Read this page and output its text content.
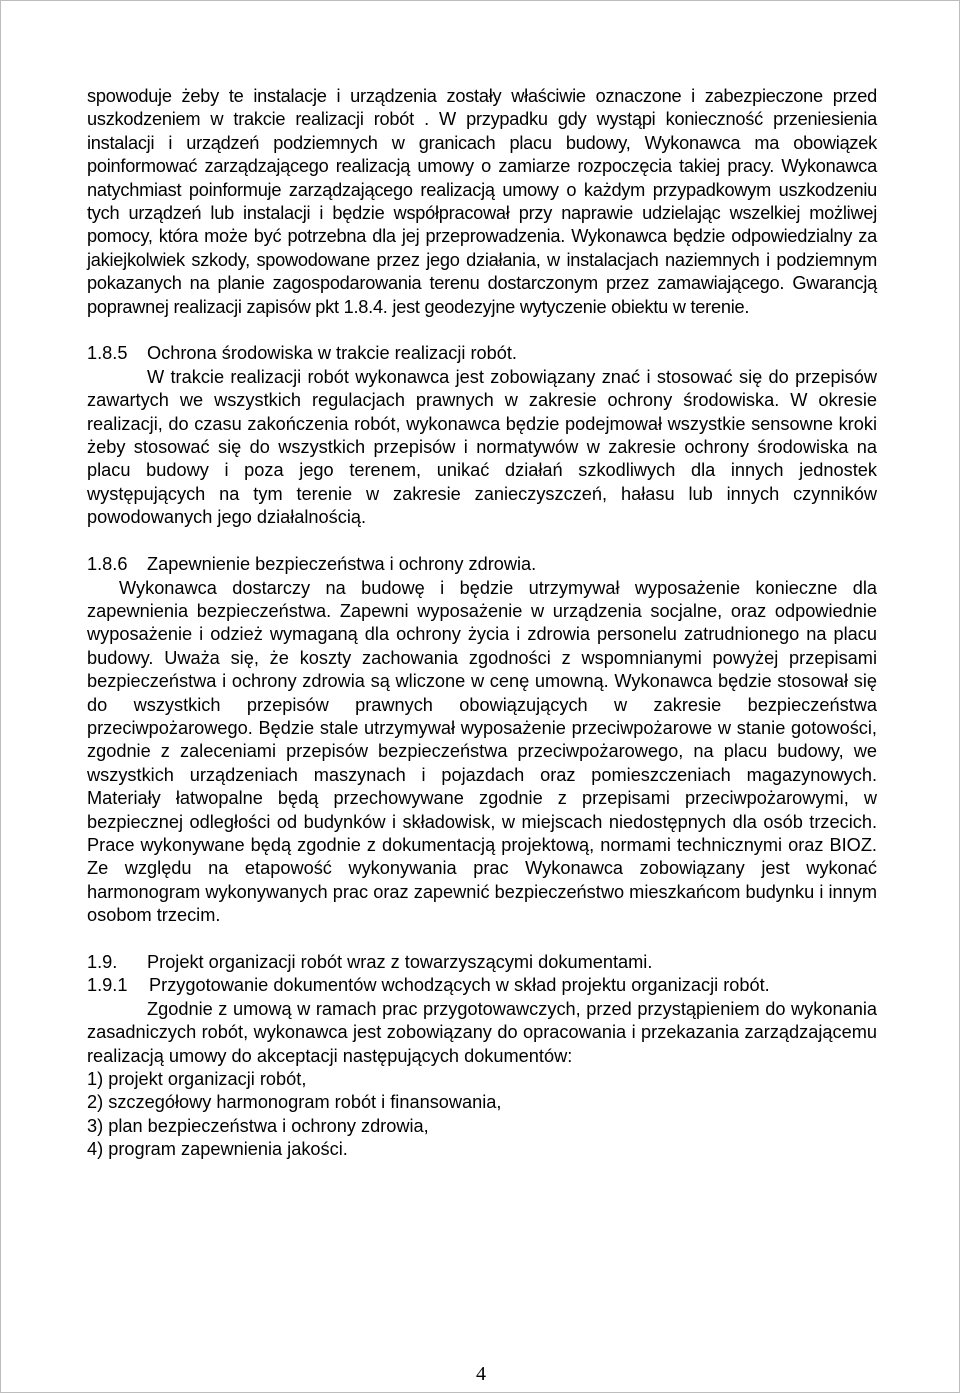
spowoduje żeby te instalacje i urządzenia zostały właściwie oznaczone i zabezpieczone przed uszkodzeniem w trakcie realizacji robót . W przypadku gdy wystąpi konieczność przeniesienia instalacji i urządzeń podziemnych w granicach placu budowy, Wykonawca ma obowiązek poinformować zarządzającego realizacją umowy o zamiarze rozpoczęcia takiej pracy. Wykonawca natychmiast poinformuje zarządzającego realizacją umowy o każdym przypadkowym uszkodzeniu tych urządzeń lub instalacji i będzie współpracował przy naprawie udzielając wszelkiej możliwej pomocy, która może być potrzebna dla jej przeprowadzenia. Wykonawca będzie odpowiedzialny za jakiejkolwiek szkody, spowodowane przez jego działania, w instalacjach naziemnych i podziemnym pokazanych na planie zagospodarowania terenu dostarczonym przez zamawiającego. Gwarancją poprawnej realizacji zapisów pkt 1.8.4. jest geodezyjne wytyczenie obiektu w terenie.

1.8.5 Ochrona środowiska w trakcie realizacji robót.

W trakcie realizacji robót wykonawca jest zobowiązany znać i stosować się do przepisów zawartych we wszystkich regulacjach prawnych w zakresie ochrony środowiska. W okresie realizacji, do czasu zakończenia robót, wykonawca będzie podejmował wszystkie sensowne kroki żeby stosować się do wszystkich przepisów i normatywów w zakresie ochrony środowiska na placu budowy i poza jego terenem, unikać działań szkodliwych dla innych jednostek występujących na tym terenie w zakresie zanieczyszczeń, hałasu lub innych czynników powodowanych jego działalnością.

1.8.6 Zapewnienie bezpieczeństwa i ochrony zdrowia.

Wykonawca dostarczy na budowę i będzie utrzymywał wyposażenie konieczne dla zapewnienia bezpieczeństwa. Zapewni wyposażenie w urządzenia socjalne, oraz odpowiednie wyposażenie i odzież wymaganą dla ochrony życia i zdrowia personelu zatrudnionego na placu budowy. Uważa się, że koszty zachowania zgodności z wspomnianymi powyżej przepisami bezpieczeństwa i ochrony zdrowia są wliczone w cenę umowną. Wykonawca będzie stosował się do wszystkich przepisów prawnych obowiązujących w zakresie bezpieczeństwa przeciwpożarowego. Będzie stale utrzymywał wyposażenie przeciwpożarowe w stanie gotowości, zgodnie z zaleceniami przepisów bezpieczeństwa przeciwpożarowego, na placu budowy, we wszystkich urządzeniach maszynach i pojazdach oraz pomieszczeniach magazynowych. Materiały łatwopalne będą przechowywane zgodnie z przepisami przeciwpożarowymi, w bezpiecznej odległości od budynków i składowisk, w miejscach niedostępnych dla osób trzecich. Prace wykonywane będą zgodnie z dokumentacją projektową, normami technicznymi oraz BIOZ. Ze względu na etapowość wykonywania prac Wykonawca zobowiązany jest wykonać harmonogram wykonywanych prac oraz zapewnić bezpieczeństwo mieszkańcom budynku i innym osobom trzecim.

1.9. Projekt organizacji robót wraz z towarzyszącymi dokumentami.

1.9.1 Przygotowanie dokumentów wchodzących w skład projektu organizacji robót.

Zgodnie z umową w ramach prac przygotowawczych, przed przystąpieniem do wykonania zasadniczych robót, wykonawca jest zobowiązany do opracowania i przekazania zarządzającemu realizacją umowy do akceptacji następujących dokumentów:

1) projekt organizacji robót,
2) szczegółowy harmonogram robót i finansowania,
3) plan bezpieczeństwa i ochrony zdrowia,
4) program zapewnienia jakości.
4
